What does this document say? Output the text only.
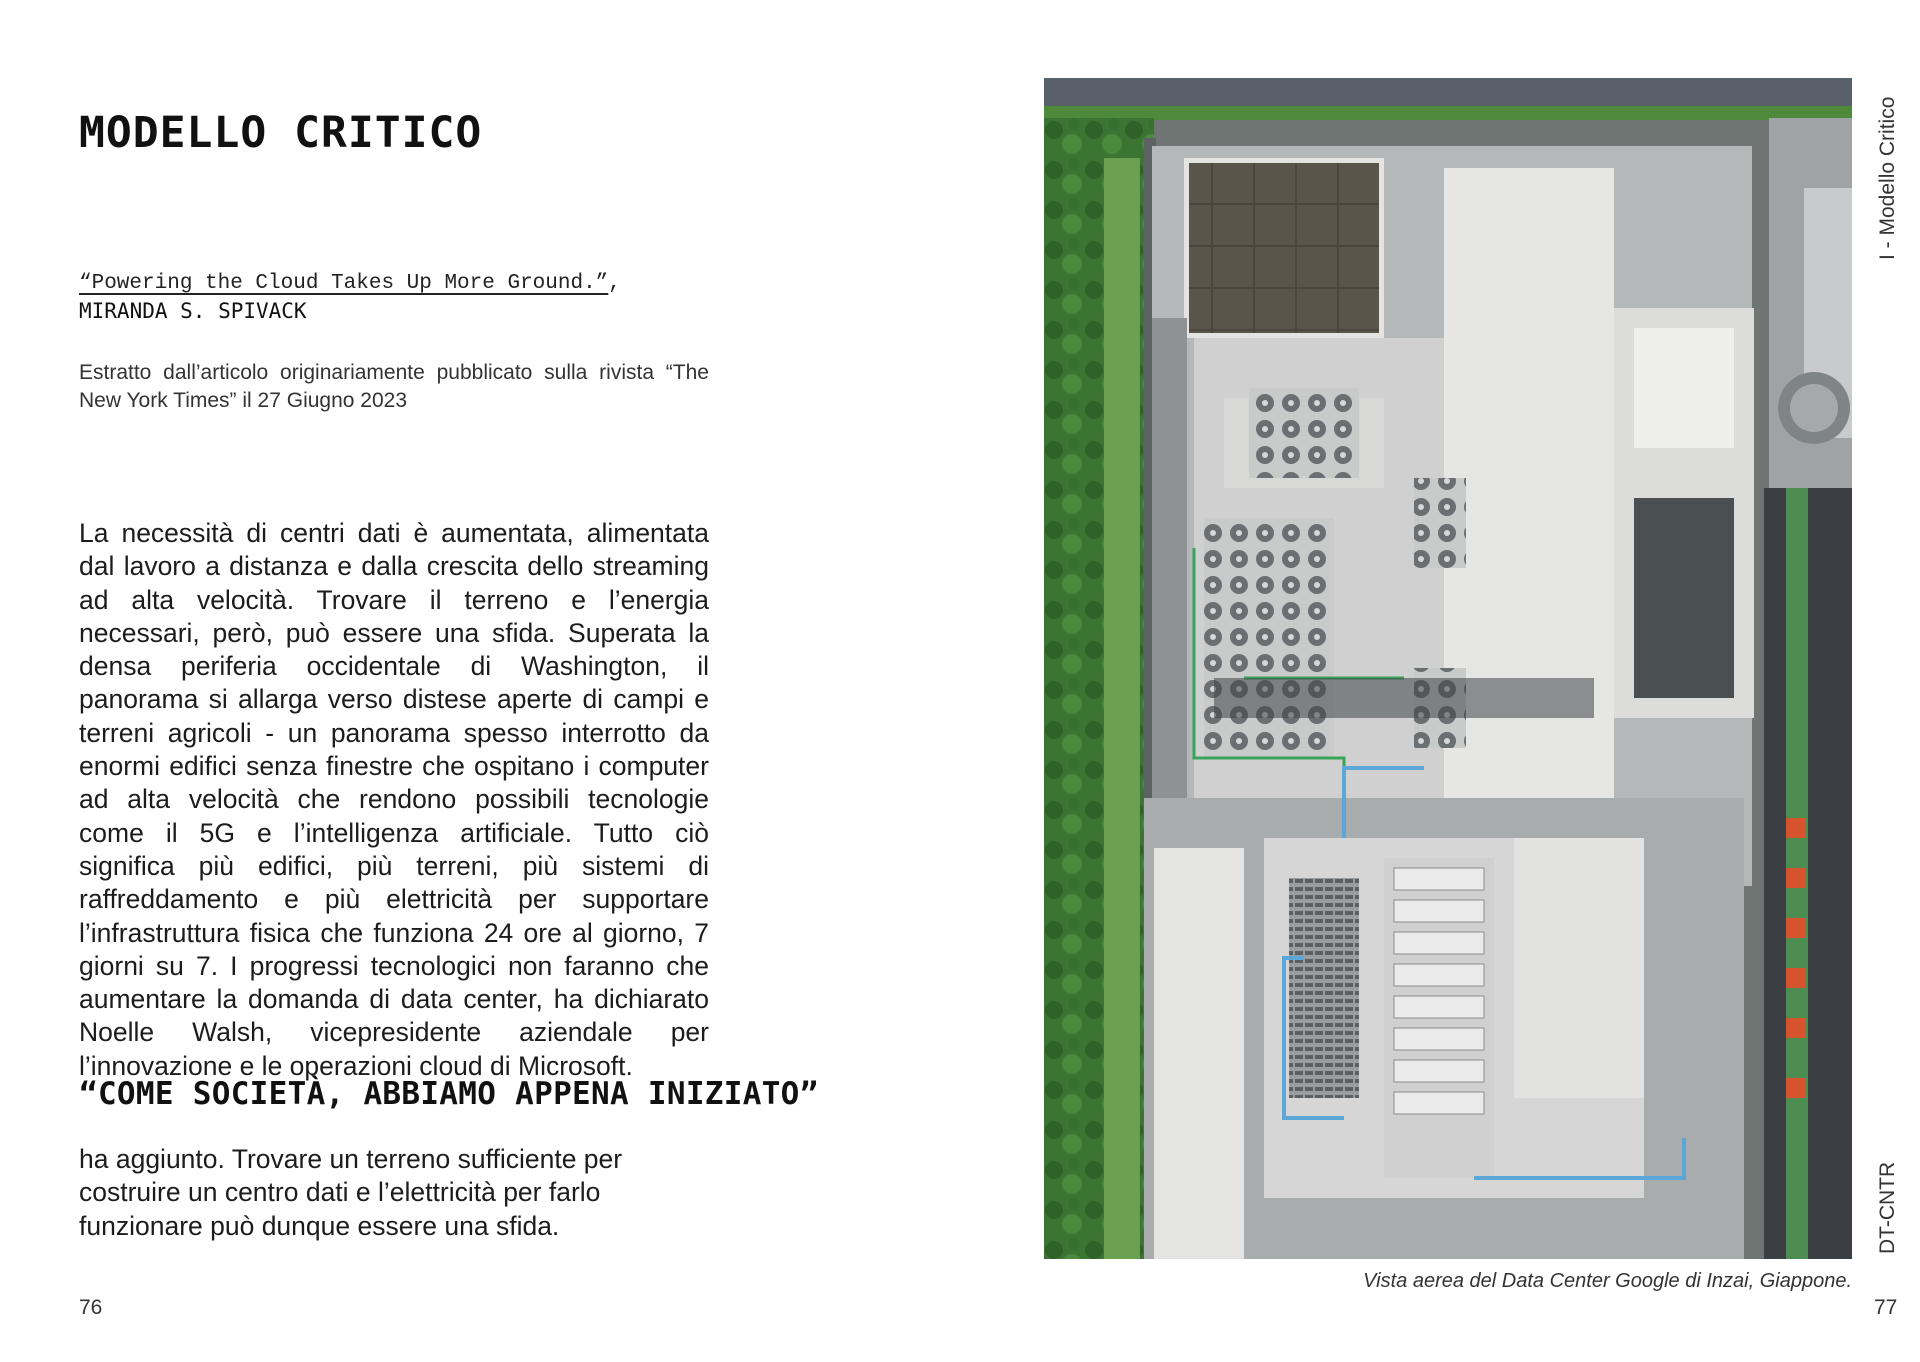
MODELLO CRITICO
“Powering the Cloud Takes Up More Ground.”,
MIRANDA S. SPIVACK

Estratto dall’articolo originariamente pubblicato sulla rivista “The New York Times” il 27 Giugno 2023

La necessità di centri dati è aumentata, alimentata dal lavoro a distanza e dalla crescita dello streaming ad alta velocità. Trovare il terreno e l’energia necessari, però, può essere una sfida. Superata la densa periferia occidentale di Washington, il panorama si allarga verso distese aperte di campi e terreni agricoli - un panorama spesso interrotto da enormi edifici senza finestre che ospitano i computer ad alta velocità che rendono possibili tecnologie come il 5G e l’intelligenza artificiale. Tutto ciò significa più edifici, più terreni, più sistemi di raffreddamento e più elettricità per supportare l’infrastruttura fisica che funziona 24 ore al giorno, 7 giorni su 7. I progressi tecnologici non faranno che aumentare la domanda di data center, ha dichiarato Noelle Walsh, vicepresidente aziendale per l’innovazione e le operazioni cloud di Microsoft.

“COME SOCIETÀ, ABBIAMO APPENA INIZIATO”

ha aggiunto. Trovare un terreno sufficiente per costruire un centro dati e l’elettricità per farlo funzionare può dunque essere una sfida.

76

Vista aerea del Data Center Google di Inzai, Giappone.

I - Modello Critico
DT-CNTR
77
